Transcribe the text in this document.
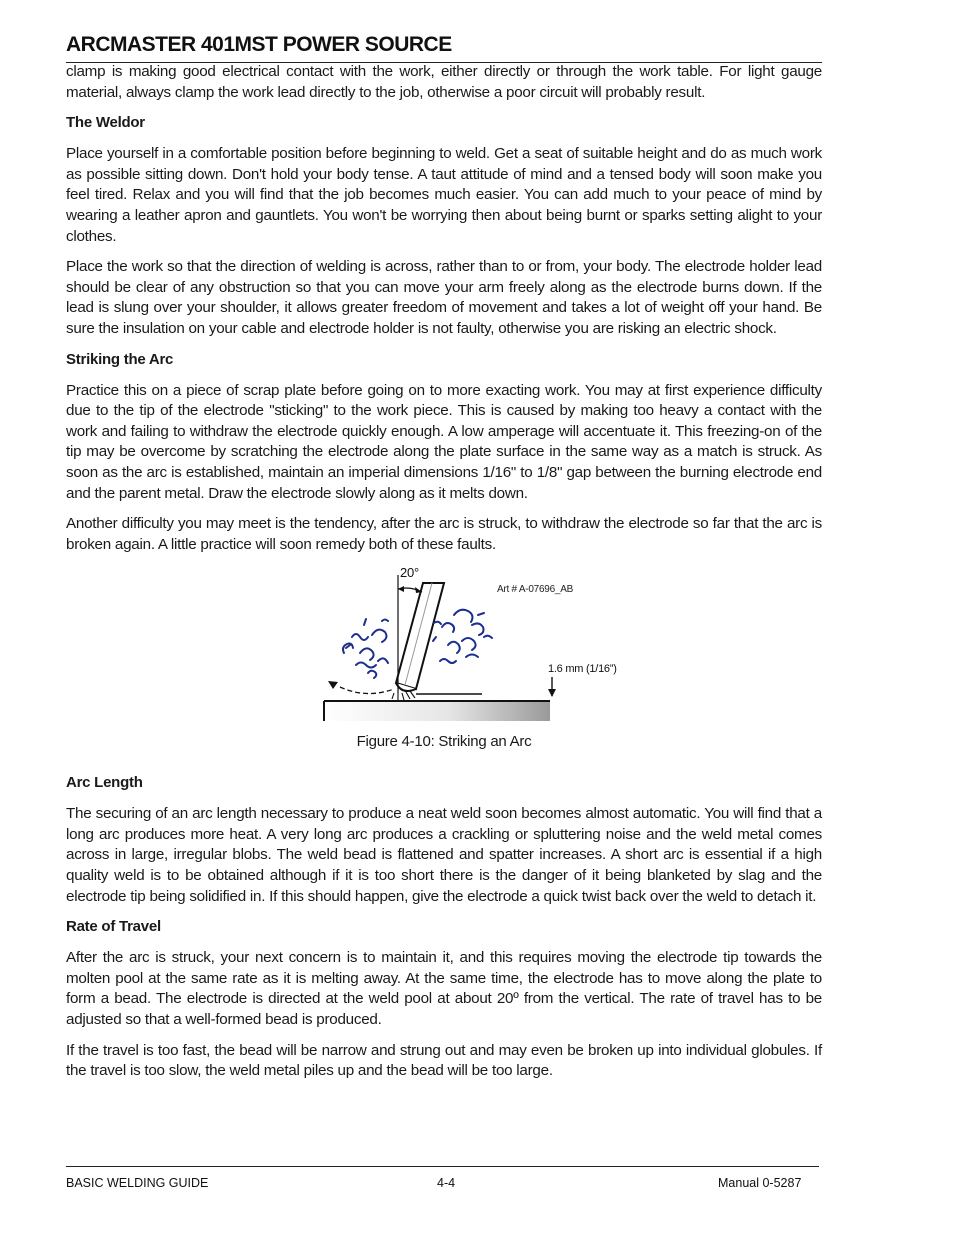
ARCMASTER 401MST POWER SOURCE

clamp is making good electrical contact with the work, either directly or through the work table. For light gauge material, always clamp the work lead directly to the job, otherwise a poor circuit will probably result.

The Weldor

Place yourself in a comfortable position before beginning to weld. Get a seat of suitable height and do as much work as possible sitting down. Don't hold your body tense. A taut attitude of mind and a tensed body will soon make you feel tired. Relax and you will find that the job becomes much easier. You can add much to your peace of mind by wearing a leather apron and gauntlets. You won't be worrying then about being burnt or sparks setting alight to your clothes.

Place the work so that the direction of welding is across, rather than to or from, your body. The electrode holder lead should be clear of any obstruction so that you can move your arm freely along as the electrode burns down. If the lead is slung over your shoulder, it allows greater freedom of movement and takes a lot of weight off your hand. Be sure the insulation on your cable and electrode holder is not faulty, otherwise you are risking an electric shock.

Striking the Arc

Practice this on a piece of scrap plate before going on to more exacting work. You may at first experience difficulty due to the tip of the electrode "sticking" to the work piece. This is caused by making too heavy a contact with the work and failing to withdraw the electrode quickly enough. A low amperage will accentuate it. This freezing-on of the tip may be overcome by scratching the electrode along the plate surface in the same way as a match is struck. As soon as the arc is established, maintain an imperial dimensions 1/16" to 1/8" gap between the burning electrode end and the parent metal. Draw the electrode slowly along as it melts down.

Another difficulty you may meet is the tendency, after the arc is struck, to withdraw the electrode so far that the arc is broken again. A little practice will soon remedy both of these faults.

20°
Art # A-07696_AB
1.6 mm (1/16”)
Figure 4-10: Striking an Arc
Arc Length

The securing of an arc length necessary to produce a neat weld soon becomes almost automatic. You will find that a long arc produces more heat. A very long arc produces a crackling or spluttering noise and the weld metal comes across in large, irregular blobs. The weld bead is flattened and spatter increases. A short arc is essential if a high quality weld is to be obtained although if it is too short there is the danger of it being blanketed by slag and the electrode tip being solidified in. If this should happen, give the electrode a quick twist back over the weld to detach it.

Rate of Travel

After the arc is struck, your next concern is to maintain it, and this requires moving the electrode tip towards the molten pool at the same rate as it is melting away. At the same time, the electrode has to move along the plate to form a bead. The electrode is directed at the weld pool at about 20º from the vertical. The rate of travel has to be adjusted so that a well-formed bead is produced.

If the travel is too fast, the bead will be narrow and strung out and may even be broken up into individual globules. If the travel is too slow, the weld metal piles up and the bead will be too large.

BASIC WELDING GUIDE	4-4	Manual 0-5287
